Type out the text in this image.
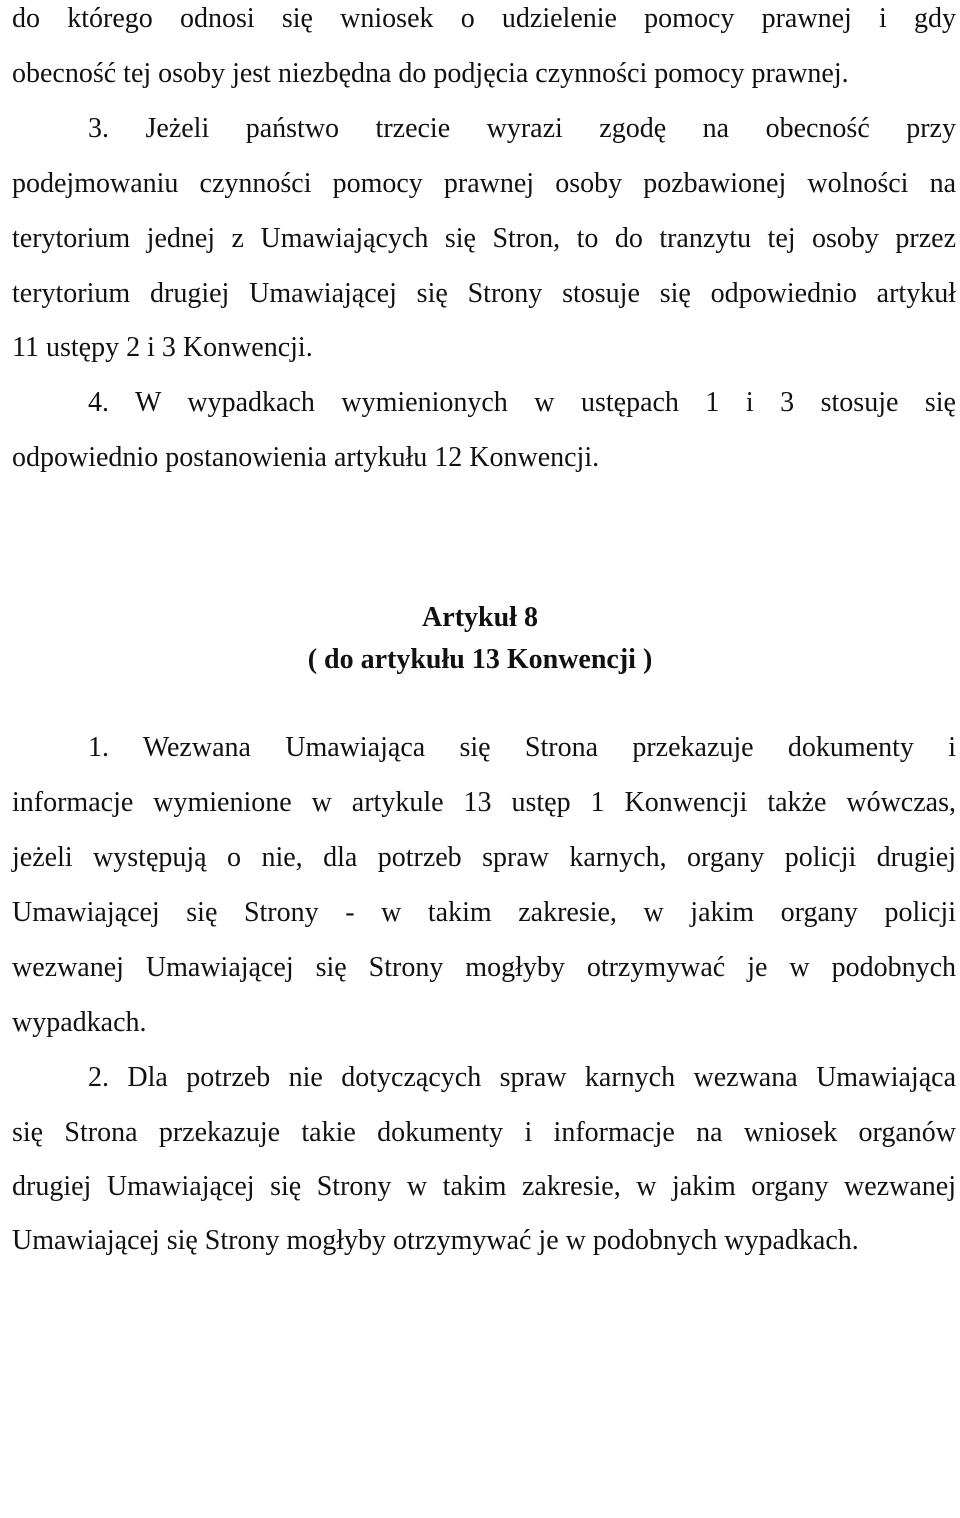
do którego odnosi się wniosek o udzielenie pomocy prawnej i gdy
obecność tej osoby jest niezbędna do podjęcia czynności pomocy prawnej.
3. Jeżeli państwo trzecie wyrazi zgodę na obecność przy
podejmowaniu czynności pomocy prawnej osoby pozbawionej wolności na
terytorium jednej z Umawiających się Stron, to do tranzytu tej osoby przez
terytorium drugiej Umawiającej się Strony stosuje się odpowiednio artykuł
11 ustępy 2 i 3 Konwencji.
4. W wypadkach wymienionych w ustępach 1 i 3 stosuje się
odpowiednio postanowienia artykułu 12 Konwencji.
Artykuł 8
( do artykułu 13 Konwencji )
1. Wezwana Umawiająca się Strona przekazuje dokumenty i
informacje wymienione w artykule 13 ustęp 1 Konwencji także wówczas,
jeżeli występują o nie, dla potrzeb spraw karnych, organy policji drugiej
Umawiającej się Strony - w takim zakresie, w jakim organy policji
wezwanej Umawiającej się Strony mogłyby otrzymywać je w podobnych
wypadkach.
2. Dla potrzeb nie dotyczących spraw karnych wezwana Umawiająca
się Strona przekazuje takie dokumenty i informacje na wniosek organów
drugiej Umawiającej się Strony w takim zakresie, w jakim organy wezwanej
Umawiającej się Strony mogłyby otrzymywać je w podobnych wypadkach.
